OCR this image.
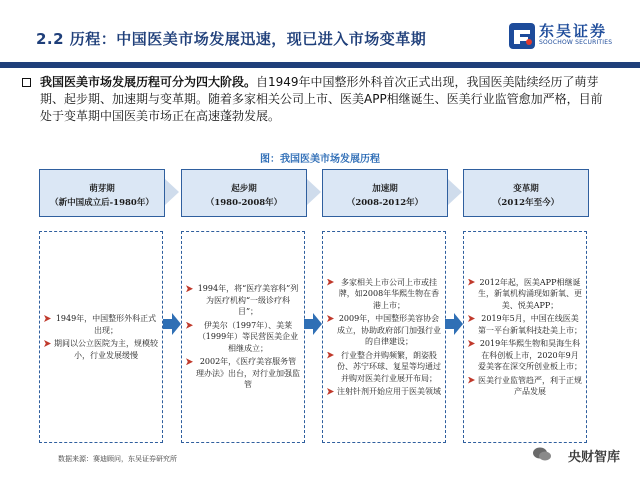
2.2 历程：中国医美市场发展迅速，现已进入市场变革期	东吴证券
SOOCHOW SECURITIES
我国医美市场发展历程可分为四大阶段。自1949年中国整形外科首次正式出现，我国医美陆续经历了萌芽期、起步期、加速期与变革期。随着多家相关公司上市、医美APP相继诞生、医美行业监管愈加严格，目前处于变革期中国医美市场正在高速蓬勃发展。
图：我国医美市场发展历程
萌芽期
（新中国成立后-1980年）
起步期
（1980-2008年）
加速期
（2008-2012年）
变革期
（2012年至今）
1949年，中国整形外科正式出现；
期间以公立医院为主，规模较小，行业发展缓慢
1994年，将“医疗美容科”列为医疗机构“一级诊疗科目”；
伊美尔（1997年）、美莱（1999年）等民营医美企业相继成立；
2002年，《医疗美容服务管理办法》出台，对行业加强监管
多家相关上市公司上市或挂牌，如2008年华熙生物在香港上市；
2009年，中国整形美容协会成立，协助政府部门加强行业的自律建设；
行业整合并购频繁，朗姿股份、苏宁环球、复星等均通过并购对医美行业展开布局；
注射针剂开始应用于医美领域
2012年起，医美APP相继诞生，新氧机构涌现如新氧、更美、悦美APP；
2019年5月，中国在线医美第一平台新氧科技赴美上市；
2019年华熙生物和昊海生科在科创板上市，2020年9月爱美客在深交所创业板上市；
医美行业监管趋严，利于正规产品发展
数据来源：赛迪顾问，东吴证券研究所	央财智库
